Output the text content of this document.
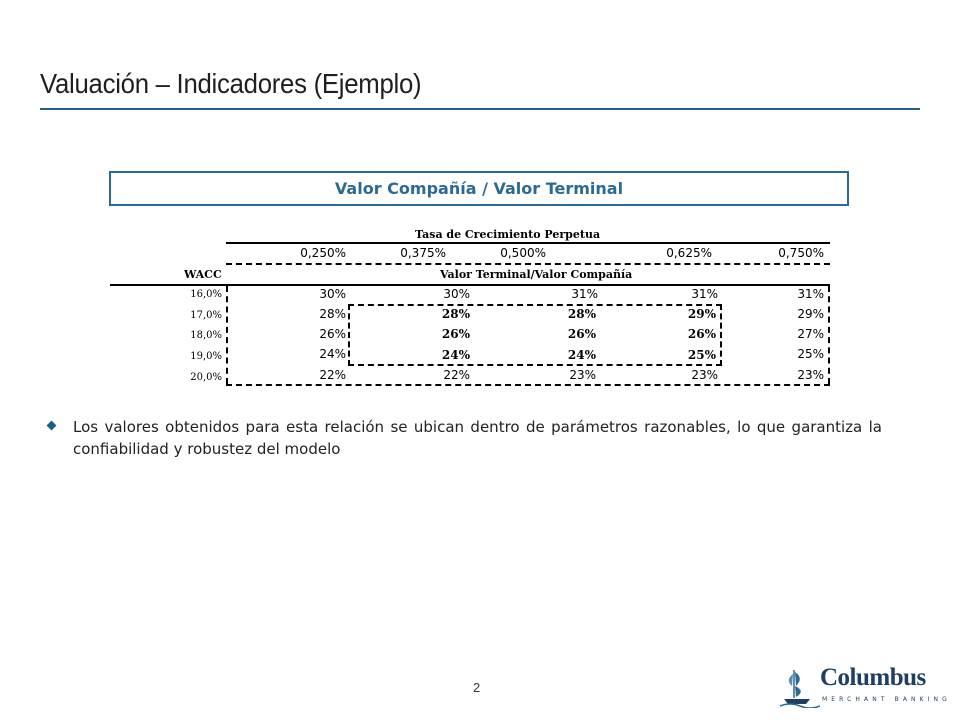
Valuación – Indicadores (Ejemplo)
Valor Compañía / Valor Terminal
Tasa de Crecimiento Perpetua
0,250%	0,375%	0,500%	0,625%	0,750%
WACC	Valor Terminal/Valor Compañía
16,0%	30%	30%	31%	31%	31%
17,0%	28%	28%	28%	29%	29%
18,0%	26%	26%	26%	26%	27%
19,0%	24%	24%	24%	25%	25%
20,0%	22%	22%	23%	23%	23%
Los valores obtenidos para esta relación se ubican dentro de parámetros razonables, lo que garantiza la confiabilidad y robustez del modelo
2	Columbus
MERCHANT BANKING
